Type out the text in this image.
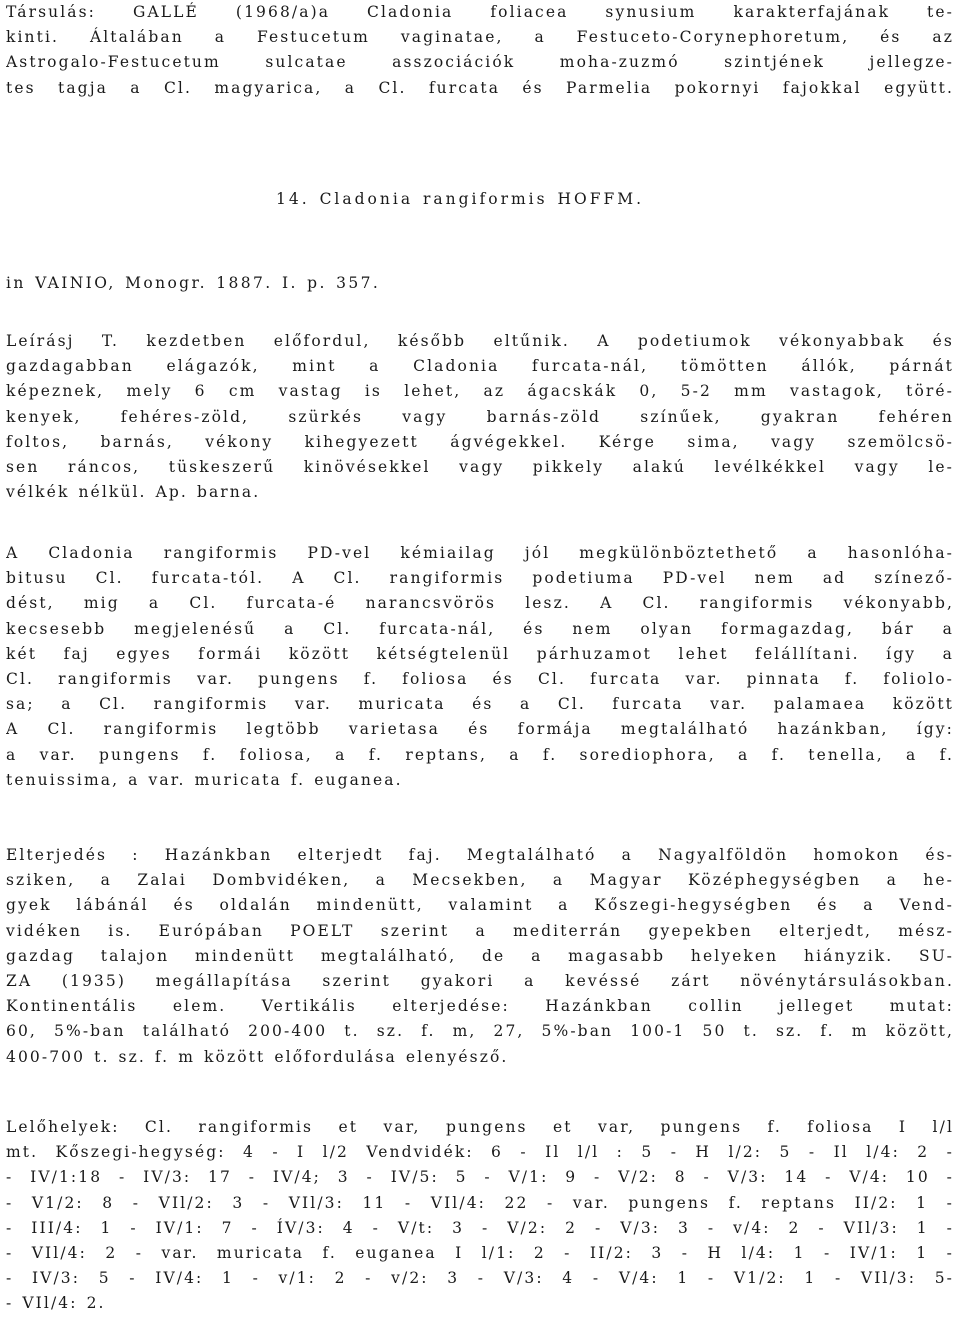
Társulás: GALLÉ (1968/a)a Cladonia foliacea synusium karakterfajának te-
kinti. Általában a Festucetum vaginatae, a Festuceto-Corynephoretum, és az
Astrogalo-Festucetum sulcatae asszociációk moha-zuzmó szintjének jellegze-
tes tagja a Cl. magyarica, a Cl. furcata és Parmelia pokornyi fajokkal együtt.
14. Cladonia rangiformis HOFFM.
in VAINIO, Monogr. 1887. I. p. 357.
Leírásj T. kezdetben előfordul, később eltűnik. A podetiumok vékonyabbak és
gazdagabban elágazók, mint a Cladonia furcata-nál, tömötten állók, párnát
képeznek, mely 6 cm vastag is lehet, az ágacskák 0, 5-2 mm vastagok, töré-
kenyek, fehéres-zöld, szürkés vagy barnás-zöld színűek, gyakran fehéren
foltos, barnás, vékony kihegyezett ágvégekkel. Kérge sima, vagy szemölcsö-
sen ráncos, tüskeszerű kinövésekkel vagy pikkely alakú levélkékkel vagy le-
vélkék nélkül. Ap. barna.
A Cladonia rangiformis PD-vel kémiailag jól megkülönböztethető a hasonlóha-
bitusu Cl. furcata-tól. A Cl. rangiformis podetiuma PD-vel nem ad színező-
dést, mig a Cl. furcata-é narancsvörös lesz. A Cl. rangiformis vékonyabb,
kecsesebb megjelenésű a Cl. furcata-nál, és nem olyan formagazdag, bár a
két faj egyes formái között kétségtelenül párhuzamot lehet felállítani. így a
Cl. rangiformis var. pungens f. foliosa és Cl. furcata var. pinnata f. foliolo-
sa; a Cl. rangiformis var. muricata és a Cl. furcata var. palamaea között
A Cl. rangiformis legtöbb varietasa és formája megtalálható hazánkban, így:
a var. pungens f. foliosa, a f. reptans, a f. sorediophora, a f. tenella, a f.
tenuissima, a var. muricata f. euganea.
Elterjedés : Hazánkban elterjedt faj. Megtalálható a Nagyalföldön homokon és-
sziken, a Zalai Dombvidéken, a Mecsekben, a Magyar Középhegységben a he-
gyek lábánál és oldalán mindenütt, valamint a Kőszegi-hegységben és a Vend-
vidéken is. Európában POELT szerint a mediterrán gyepekben elterjedt, mész-
gazdag talajon mindenütt megtalálható, de a magasabb helyeken hiányzik. SU-
ZA (1935) megállapítása szerint gyakori a kevéssé zárt növénytársulásokban.
Kontinentális elem. Vertikális elterjedése: Hazánkban collin jelleget mutat:
60, 5%-ban található 200-400 t. sz. f. m, 27, 5%-ban 100-1 50 t. sz. f. m között,
400-700 t. sz. f. m között előfordulása elenyésző.
Lelőhelyek: Cl. rangiformis et var, pungens et var, pungens f. foliosa I l/l
mt. Kőszegi-hegység: 4 - I l/2 Vendvidék: 6 - Il l/l : 5 - H l/2: 5 - Il l/4: 2 -
- IV/1:18 - IV/3: 17 - IV/4; 3 - IV/5: 5 - V/1: 9 - V/2: 8 - V/3: 14 - V/4: 10 -
- V1/2: 8 - VIl/2: 3 - VIl/3: 11 - VIl/4: 22 - var. pungens f. reptans II/2: 1 -
- III/4: 1 - IV/1: 7 - ÍV/3: 4 - V/t: 3 - V/2: 2 - V/3: 3 - v/4: 2 - VIl/3: 1 -
- VIl/4: 2 - var. muricata f. euganea I l/1: 2 - II/2: 3 - H l/4: 1 - IV/1: 1 -
- IV/3: 5 - IV/4: 1 - v/1: 2 - v/2: 3 - V/3: 4 - V/4: 1 - V1/2: 1 - VIl/3: 5-
- VIl/4: 2.
